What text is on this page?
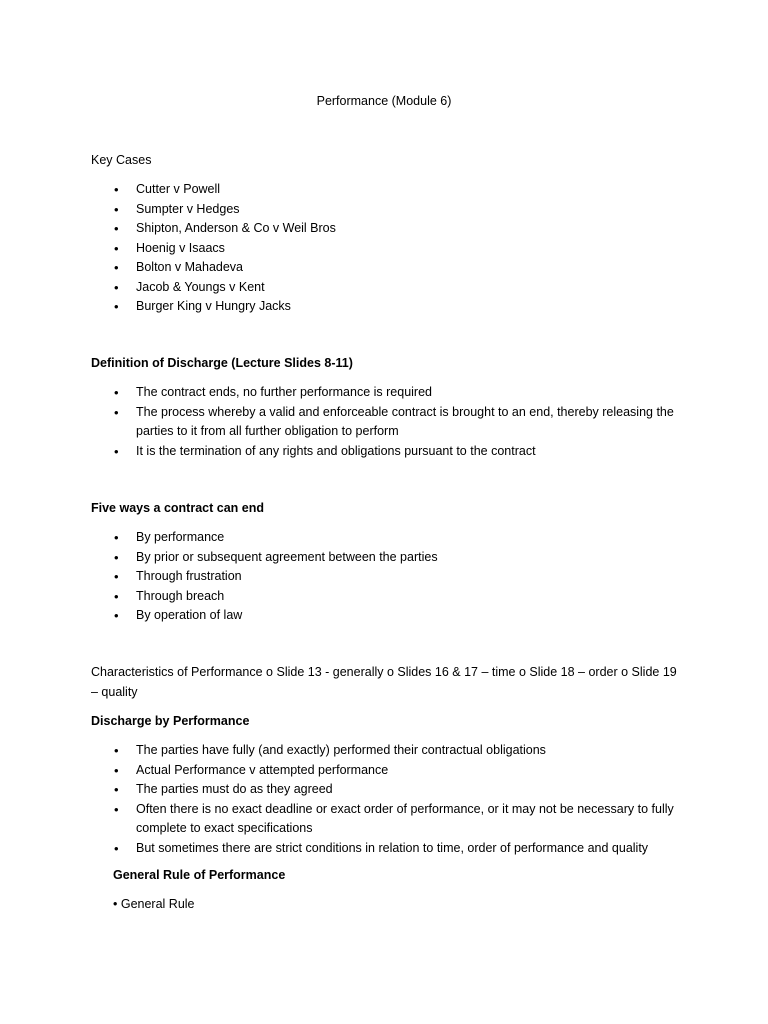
Performance (Module 6)
Key Cases
• Cutter v Powell
• Sumpter v Hedges
• Shipton, Anderson & Co v Weil Bros
• Hoenig v Isaacs
• Bolton v Mahadeva
• Jacob & Youngs v Kent
• Burger King v Hungry Jacks
Definition of Discharge (Lecture Slides 8-11)
• The contract ends, no further performance is required
• The process whereby a valid and enforceable contract is brought to an end, thereby releasing the parties to it from all further obligation to perform
• It is the termination of any rights and obligations pursuant to the contract
Five ways a contract can end
• By performance
• By prior or subsequent agreement between the parties
• Through frustration
• Through breach
• By operation of law
Characteristics of Performance o Slide 13 - generally o Slides 16 & 17 – time o Slide 18 – order o Slide 19 – quality
Discharge by Performance
• The parties have fully (and exactly) performed their contractual obligations
• Actual Performance v attempted performance
• The parties must do as they agreed
• Often there is no exact deadline or exact order of performance, or it may not be necessary to fully complete to exact specifications
• But sometimes there are strict conditions in relation to time, order of performance and quality
General Rule of Performance
• General Rule
